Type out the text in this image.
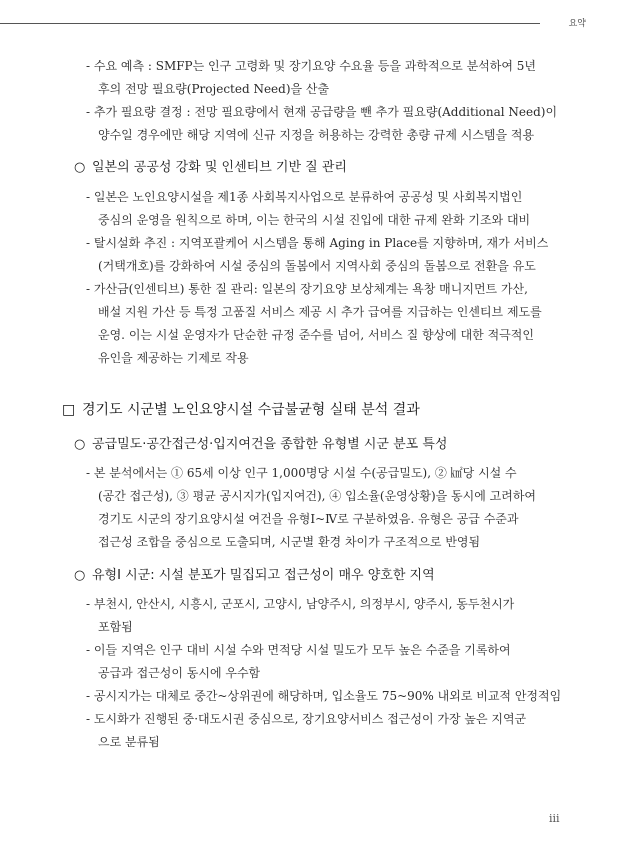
요약
- 수요 예측 : SMFP는 인구 고령화 및 장기요양 수요율 등을 과학적으로 분석하여 5년
후의 전망 필요량(Projected Need)을 산출
- 추가 필요량 결정 : 전망 필요량에서 현재 공급량을 뺀 추가 필요량(Additional Need)이
양수일 경우에만 해당 지역에 신규 지정을 허용하는 강력한 총량 규제 시스템을 적용
○ 일본의 공공성 강화 및 인센티브 기반 질 관리
- 일본은 노인요양시설을 제1종 사회복지사업으로 분류하여 공공성 및 사회복지법인
중심의 운영을 원칙으로 하며, 이는 한국의 시설 진입에 대한 규제 완화 기조와 대비
- 탈시설화 추진 : 지역포괄케어 시스템을 통해 Aging in Place를 지향하며, 재가 서비스
(거택개호)를 강화하여 시설 중심의 돌봄에서 지역사회 중심의 돌봄으로 전환을 유도
- 가산금(인센티브) 통한 질 관리: 일본의 장기요양 보상체계는 욕창 매니지먼트 가산,
배설 지원 가산 등 특정 고품질 서비스 제공 시 추가 급여를 지급하는 인센티브 제도를
운영. 이는 시설 운영자가 단순한 규정 준수를 넘어, 서비스 질 향상에 대한 적극적인
유인을 제공하는 기제로 작용
□ 경기도 시군별 노인요양시설 수급불균형 실태 분석 결과
○ 공급밀도·공간접근성·입지여건을 종합한 유형별 시군 분포 특성
- 본 분석에서는 ① 65세 이상 인구 1,000명당 시설 수(공급밀도), ② ㎢당 시설 수
(공간 접근성), ③ 평균 공시지가(입지여건), ④ 입소율(운영상황)을 동시에 고려하여
경기도 시군의 장기요양시설 여건을 유형Ⅰ~Ⅳ로 구분하였음. 유형은 공급 수준과
접근성 조합을 중심으로 도출되며, 시군별 환경 차이가 구조적으로 반영됨
○ 유형Ⅰ 시군: 시설 분포가 밀집되고 접근성이 매우 양호한 지역
- 부천시, 안산시, 시흥시, 군포시, 고양시, 남양주시, 의정부시, 양주시, 동두천시가
포함됨
- 이들 지역은 인구 대비 시설 수와 면적당 시설 밀도가 모두 높은 수준을 기록하여
공급과 접근성이 동시에 우수함
- 공시지가는 대체로 중간~상위권에 해당하며, 입소율도 75~90% 내외로 비교적 안정적임
- 도시화가 진행된 중·대도시권 중심으로, 장기요양서비스 접근성이 가장 높은 지역군
으로 분류됨
iii
